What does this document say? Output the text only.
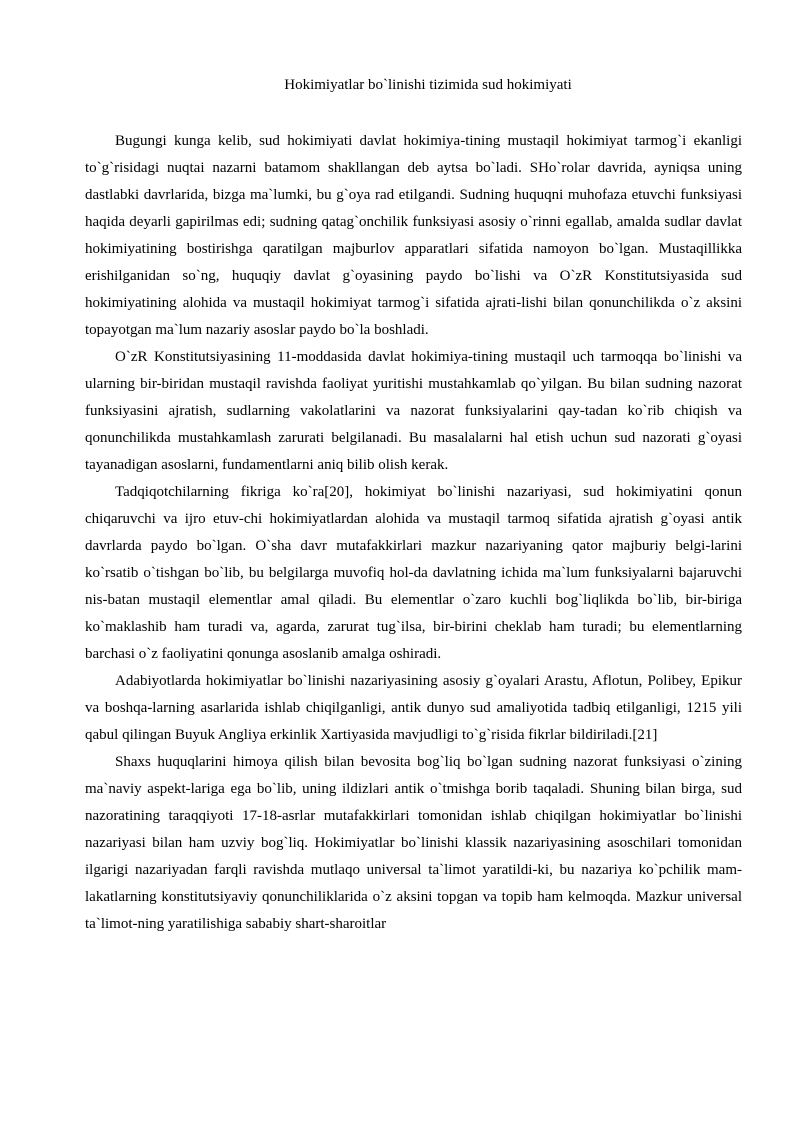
Hokimiyatlar bo`linishi tizimida sud hokimiyati

Bugungi kunga kelib, sud hokimiyati davlat hokimiya-tining mustaqil hokimiyat tarmog`i ekanligi to`g`risidagi nuqtai nazarni batamom shakllangan deb aytsa bo`ladi. SHo`rolar davrida, ayniqsa uning dastlabki davrlarida, bizga ma`lumki, bu g`oya rad etilgandi. Sudning huquqni muhofaza etuvchi funksiyasi haqida deyarli gapirilmas edi; sudning qatag`onchilik funksiyasi asosiy o`rinni egallab, amalda sudlar davlat hokimiyatining bostirishga qaratilgan majburlov apparatlari sifatida namoyon bo`lgan. Mustaqillikka erishilganidan so`ng, huquqiy davlat g`oyasining paydo bo`lishi va O`zR Konstitutsiyasida sud hokimiyatining alohida va mustaqil hokimiyat tarmog`i sifatida ajrati-lishi bilan qonunchilikda o`z aksini topayotgan ma`lum nazariy asoslar paydo bo`la boshladi.

O`zR Konstitutsiyasining 11-moddasida davlat hokimiya-tining mustaqil uch tarmoqqa bo`linishi va ularning bir-biridan mustaqil ravishda faoliyat yuritishi mustahkamlab qo`yilgan. Bu bilan sudning nazorat funksiyasini ajratish, sudlarning vakolatlarini va nazorat funksiyalarini qay-tadan ko`rib chiqish va qonunchilikda mustahkamlash zarurati belgilanadi. Bu masalalarni hal etish uchun sud nazorati g`oyasi tayanadigan asoslarni, fundamentlarni aniq bilib olish kerak.

Tadqiqotchilarning fikriga ko`ra[20], hokimiyat bo`linishi nazariyasi, sud hokimiyatini qonun chiqaruvchi va ijro etuv-chi hokimiyatlardan alohida va mustaqil tarmoq sifatida ajratish g`oyasi antik davrlarda paydo bo`lgan. O`sha davr mutafakkirlari mazkur nazariyaning qator majburiy belgi-larini ko`rsatib o`tishgan bo`lib, bu belgilarga muvofiq hol-da davlatning ichida ma`lum funksiyalarni bajaruvchi nis-batan mustaqil elementlar amal qiladi. Bu elementlar o`zaro kuchli bog`liqlikda bo`lib, bir-biriga ko`maklashib ham turadi va, agarda, zarurat tug`ilsa, bir-birini cheklab ham turadi; bu elementlarning barchasi o`z faoliyatini qonunga asoslanib amalga oshiradi.

Adabiyotlarda hokimiyatlar bo`linishi nazariyasining asosiy g`oyalari Arastu, Aflotun, Polibey, Epikur va boshqa-larning asarlarida ishlab chiqilganligi, antik dunyo sud amaliyotida tadbiq etilganligi, 1215 yili qabul qilingan Buyuk Angliya erkinlik Xartiyasida mavjudligi to`g`risida fikrlar bildiriladi.[21]

Shaxs huquqlarini himoya qilish bilan bevosita bog`liq bo`lgan sudning nazorat funksiyasi o`zining ma`naviy aspekt-lariga ega bo`lib, uning ildizlari antik o`tmishga borib taqaladi. Shuning bilan birga, sud nazoratining taraqqiyoti 17-18-asrlar mutafakkirlari tomonidan ishlab chiqilgan hokimiyatlar bo`linishi nazariyasi bilan ham uzviy bog`liq. Hokimiyatlar bo`linishi klassik nazariyasining asoschilari tomonidan ilgarigi nazariyadan farqli ravishda mutlaqo universal ta`limot yaratildi-ki, bu nazariya ko`pchilik mam-lakatlarning konstitutsiyaviy qonunchiliklarida o`z aksini topgan va topib ham kelmoqda. Mazkur universal ta`limot-ning yaratilishiga sababiy shart-sharoitlar
